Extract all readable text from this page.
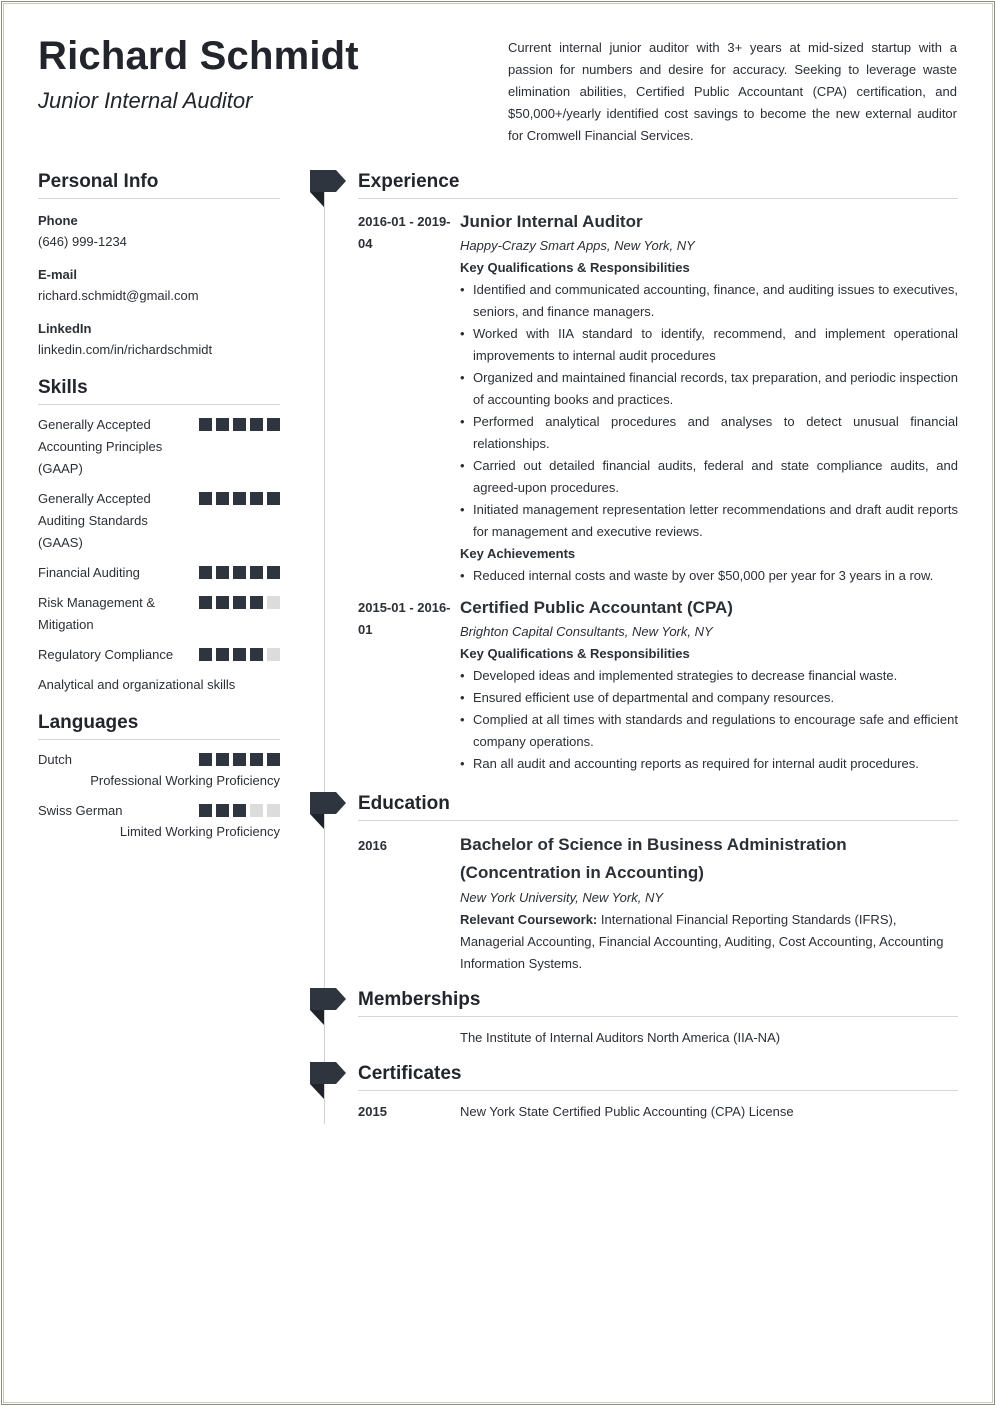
Richard Schmidt
Junior Internal Auditor
Current internal junior auditor with 3+ years at mid-sized startup with a passion for numbers and desire for accuracy. Seeking to leverage waste elimination abilities, Certified Public Accountant (CPA) certification, and $50,000+/yearly identified cost savings to become the new external auditor for Cromwell Financial Services.
Personal Info
Phone
(646) 999-1234
E-mail
richard.schmidt@gmail.com
LinkedIn
linkedin.com/in/richardschmidt
Skills
Generally Accepted Accounting Principles (GAAP)
Generally Accepted Auditing Standards (GAAS)
Financial Auditing
Risk Management & Mitigation
Regulatory Compliance
Analytical and organizational skills
Languages
Dutch
Professional Working Proficiency
Swiss German
Limited Working Proficiency
Experience
2016-01 - 2019-04
Junior Internal Auditor
Happy-Crazy Smart Apps, New York, NY
Key Qualifications & Responsibilities
• Identified and communicated accounting, finance, and auditing issues to executives, seniors, and finance managers.
• Worked with IIA standard to identify, recommend, and implement operational improvements to internal audit procedures
• Organized and maintained financial records, tax preparation, and periodic inspection of accounting books and practices.
• Performed analytical procedures and analyses to detect unusual financial relationships.
• Carried out detailed financial audits, federal and state compliance audits, and agreed-upon procedures.
• Initiated management representation letter recommendations and draft audit reports for management and executive reviews.
Key Achievements
• Reduced internal costs and waste by over $50,000 per year for 3 years in a row.
2015-01 - 2016-01
Certified Public Accountant (CPA)
Brighton Capital Consultants, New York, NY
Key Qualifications & Responsibilities
• Developed ideas and implemented strategies to decrease financial waste.
• Ensured efficient use of departmental and company resources.
• Complied at all times with standards and regulations to encourage safe and efficient company operations.
• Ran all audit and accounting reports as required for internal audit procedures.
Education
2016	Bachelor of Science in Business Administration (Concentration in Accounting)
New York University, New York, NY
Relevant Coursework: International Financial Reporting Standards (IFRS), Managerial Accounting, Financial Accounting, Auditing, Cost Accounting, Accounting Information Systems.
Memberships
The Institute of Internal Auditors North America (IIA-NA)
Certificates
2015	New York State Certified Public Accounting (CPA) License
